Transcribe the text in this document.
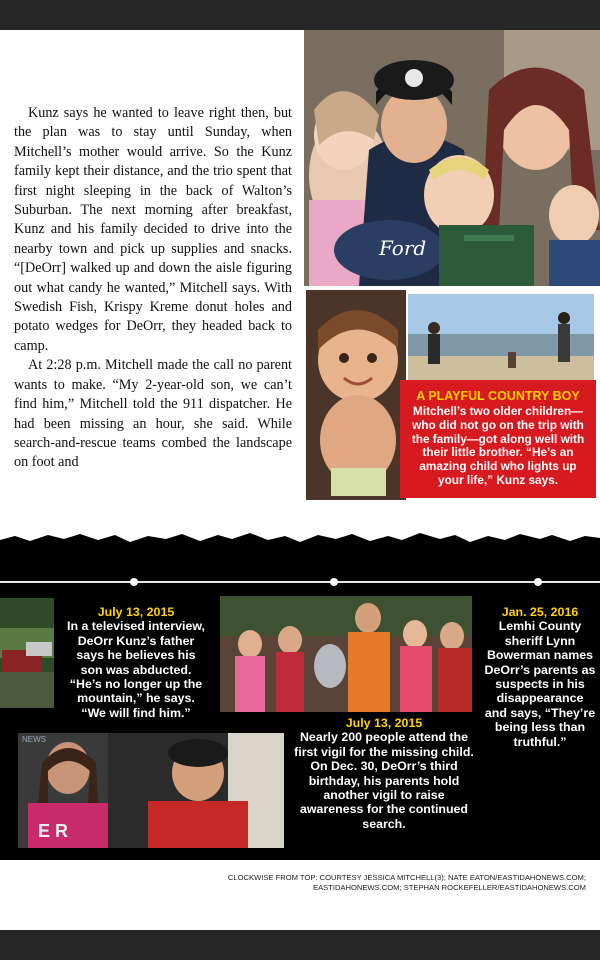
Kunz says he wanted to leave right then, but the plan was to stay until Sunday, when Mitchell’s mother would arrive. So the Kunz family kept their distance, and the trio spent that first night sleeping in the back of Walton’s Suburban. The next morning after breakfast, Kunz and his family decided to drive into the nearby town and pick up supplies and snacks. “[DeOrr] walked up and down the aisle figuring out what candy he wanted,” Mitchell says. With Swedish Fish, Krispy Kreme donut holes and potato wedges for DeOrr, they headed back to camp.

At 2:28 p.m. Mitchell made the call no parent wants to make. “My 2-year-old son, we can’t find him,” Mitchell told the 911 dispatcher. He had been missing an hour, she said. While search-and-rescue teams combed the landscape on foot and

Ford
A PLAYFUL COUNTRY BOY
Mitchell’s two older children—who did not go on the trip with the family—got along well with their little brother. “He’s an amazing child who lights up your life,” Kunz says.
E R
NEWS
July 13, 2015
In a televised interview, DeOrr Kunz’s father says he believes his son was abducted. “He’s no longer up the mountain,” he says. “We will find him.”
July 13, 2015
Nearly 200 people attend the first vigil for the missing child. On Dec. 30, DeOrr’s third birthday, his parents hold another vigil to raise awareness for the continued search.
Jan. 25, 2016
Lemhi County sheriff Lynn Bowerman names DeOrr’s parents as suspects in his disappearance and says, “They’re being less than truthful.”
CLOCKWISE FROM TOP: COURTESY JESSICA MITCHELL(3); NATE EATON/EASTIDAHONEWS.COM; EASTIDAHONEWS.COM; STEPHAN ROCKEFELLER/EASTIDAHONEWS.COM
